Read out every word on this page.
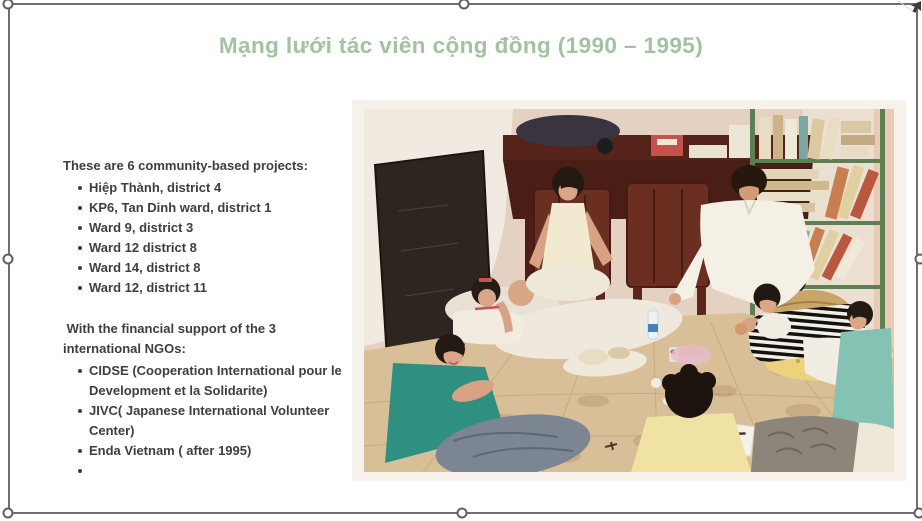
Mạng lưới tác viên cộng đồng (1990 – 1995)
These are 6 community-based projects:
Hiệp Thành, district 4
KP6, Tan Dinh ward, district 1
Ward 9, district 3
Ward 12 district 8
Ward 14, district 8
Ward 12, district 11
With the financial support of the 3 international NGOs:
CIDSE (Cooperation International pour le Development et la Solidarite)
JIVC( Japanese International Volunteer Center)
Enda Vietnam ( after 1995)
